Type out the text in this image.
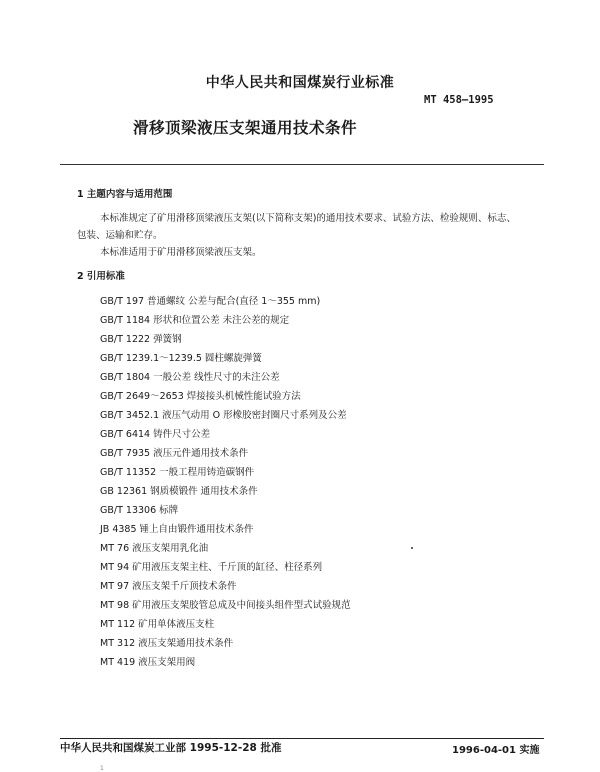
中华人民共和国煤炭行业标准
MT 458—1995
滑移顶梁液压支架通用技术条件
1 主题内容与适用范围
本标准规定了矿用滑移顶梁液压支架(以下简称支架)的通用技术要求、试验方法、检验规则、标志、
包装、运输和贮存。
本标准适用于矿用滑移顶梁液压支架。
2 引用标准
GB/T 197 普通螺纹 公差与配合(直径 1～355 mm)
GB/T 1184 形状和位置公差 未注公差的规定
GB/T 1222 弹簧钢
GB/T 1239.1～1239.5 圆柱螺旋弹簧
GB/T 1804 一般公差 线性尺寸的未注公差
GB/T 2649～2653 焊接接头机械性能试验方法
GB/T 3452.1 液压气动用 O 形橡胶密封圈尺寸系列及公差
GB/T 6414 铸件尺寸公差
GB/T 7935 液压元件通用技术条件
GB/T 11352 一般工程用铸造碳钢件
GB 12361 钢质模锻件 通用技术条件
GB/T 13306 标牌
JB 4385 锤上自由锻件通用技术条件
MT 76 液压支架用乳化油
MT 94 矿用液压支架主柱、千斤顶的缸径、柱径系列
MT 97 液压支架千斤顶技术条件
MT 98 矿用液压支架胶管总成及中间接头组件型式试验规范
MT 112 矿用单体液压支柱
MT 312 液压支架通用技术条件
MT 419 液压支架用阀
中华人民共和国煤炭工业部 1995-12-28 批准	1996-04-01 实施
1
